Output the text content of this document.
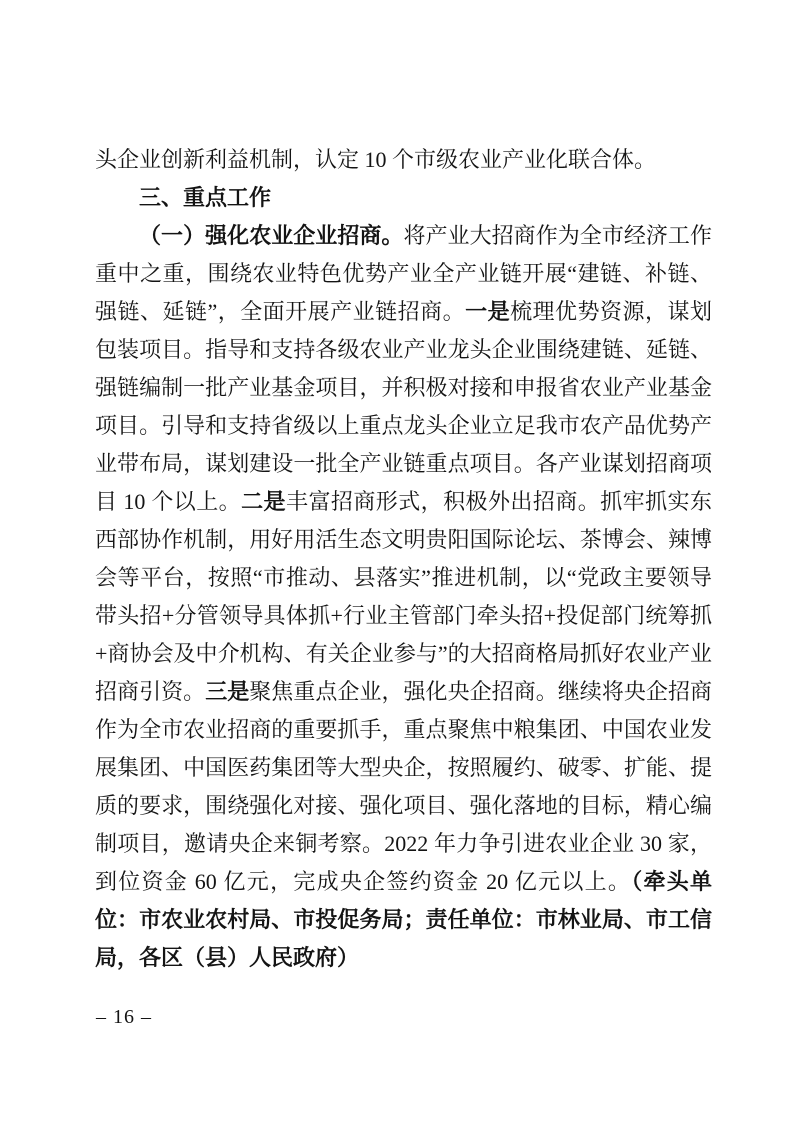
头企业创新利益机制，认定 10 个市级农业产业化联合体。

三、重点工作

（一）强化农业企业招商。将产业大招商作为全市经济工作重中之重，围绕农业特色优势产业全产业链开展“建链、补链、强链、延链”，全面开展产业链招商。一是梳理优势资源，谋划包装项目。指导和支持各级农业产业龙头企业围绕建链、延链、强链编制一批产业基金项目，并积极对接和申报省农业产业基金项目。引导和支持省级以上重点龙头企业立足我市农产品优势产业带布局，谋划建设一批全产业链重点项目。各产业谋划招商项目 10 个以上。二是丰富招商形式，积极外出招商。抓牢抓实东西部协作机制，用好用活生态文明贵阳国际论坛、茶博会、辣博会等平台，按照“市推动、县落实”推进机制，以“党政主要领导带头招+分管领导具体抓+行业主管部门牵头招+投促部门统筹抓+商协会及中介机构、有关企业参与”的大招商格局抓好农业产业招商引资。三是聚焦重点企业，强化央企招商。继续将央企招商作为全市农业招商的重要抓手，重点聚焦中粮集团、中国农业发展集团、中国医药集团等大型央企，按照履约、破零、扩能、提质的要求，围绕强化对接、强化项目、强化落地的目标，精心编制项目，邀请央企来铜考察。2022 年力争引进农业企业 30 家，到位资金 60 亿元，完成央企签约资金 20 亿元以上。（牵头单位：市农业农村局、市投促务局；责任单位：市林业局、市工信局，各区（县）人民政府）

– 16 –
